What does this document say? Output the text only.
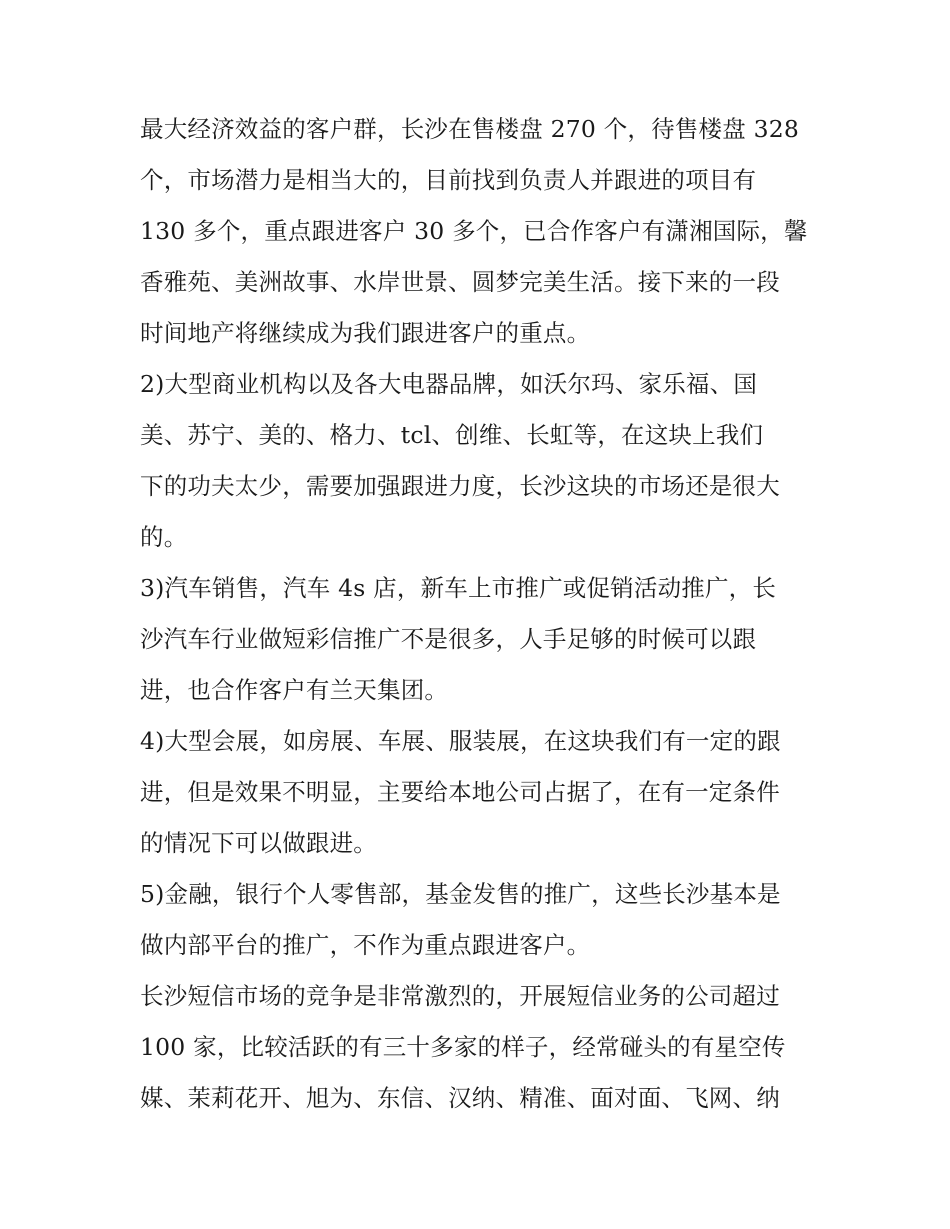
最大经济效益的客户群，长沙在售楼盘 270 个，待售楼盘 328
个，市场潜力是相当大的，目前找到负责人并跟进的项目有
130 多个，重点跟进客户 30 多个，已合作客户有潇湘国际，馨
香雅苑、美洲故事、水岸世景、圆梦完美生活。接下来的一段
时间地产将继续成为我们跟进客户的重点。
2)大型商业机构以及各大电器品牌，如沃尔玛、家乐福、国
美、苏宁、美的、格力、tcl、创维、长虹等，在这块上我们
下的功夫太少，需要加强跟进力度，长沙这块的市场还是很大
的。
3)汽车销售，汽车 4s 店，新车上市推广或促销活动推广，长
沙汽车行业做短彩信推广不是很多，人手足够的时候可以跟
进，也合作客户有兰天集团。
4)大型会展，如房展、车展、服装展，在这块我们有一定的跟
进，但是效果不明显，主要给本地公司占据了，在有一定条件
的情况下可以做跟进。
5)金融，银行个人零售部，基金发售的推广，这些长沙基本是
做内部平台的推广，不作为重点跟进客户。
长沙短信市场的竞争是非常激烈的，开展短信业务的公司超过
100 家，比较活跃的有三十多家的样子，经常碰头的有星空传
媒、茉莉花开、旭为、东信、汉纳、精准、面对面、飞网、纳
